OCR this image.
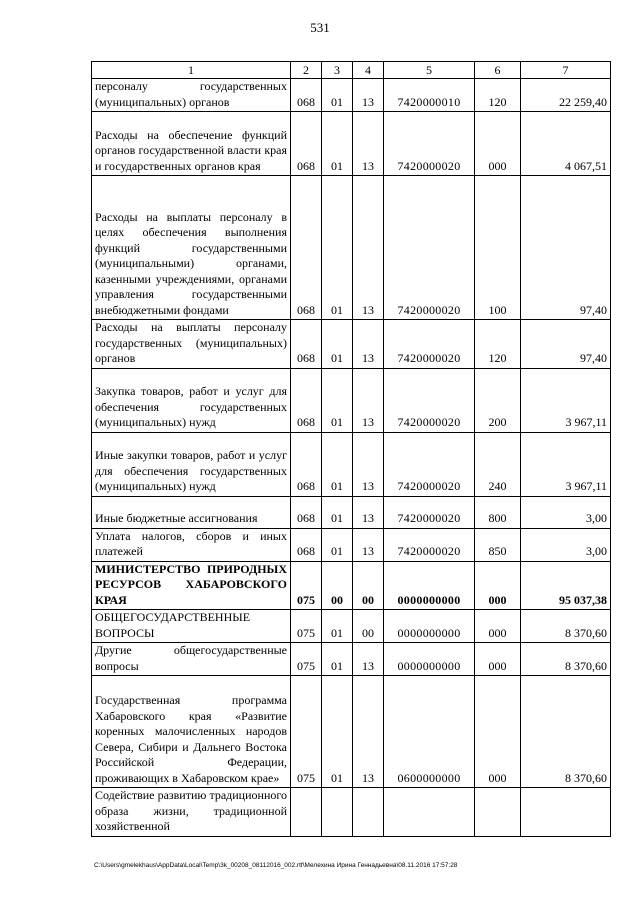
531
1	2	3	4	5	6	7
персоналу государственных (муниципальных) органов	068	01	13	7420000010	120	22 259,40
Расходы на обеспечение функций органов государственной власти края и государственных органов края	068	01	13	7420000020	000	4 067,51
Расходы на выплаты персоналу в целях обеспечения выполнения функций государственными (муниципальными) органами, казенными учреждениями, органами управления государственными внебюджетными фондами	068	01	13	7420000020	100	97,40
Расходы на выплаты персоналу государственных (муниципальных) органов	068	01	13	7420000020	120	97,40
Закупка товаров, работ и услуг для обеспечения государственных (муниципальных) нужд	068	01	13	7420000020	200	3 967,11
Иные закупки товаров, работ и услуг для обеспечения государственных (муниципальных) нужд	068	01	13	7420000020	240	3 967,11
Иные бюджетные ассигнования	068	01	13	7420000020	800	3,00
Уплата налогов, сборов и иных платежей	068	01	13	7420000020	850	3,00
МИНИСТЕРСТВО ПРИРОДНЫХ РЕСУРСОВ ХАБАРОВСКОГО КРАЯ	075	00	00	0000000000	000	95 037,38
ОБЩЕГОСУДАРСТВЕННЫЕ ВОПРОСЫ	075	01	00	0000000000	000	8 370,60
Другие общегосударственные вопросы	075	01	13	0000000000	000	8 370,60
Государственная программа Хабаровского края «Развитие коренных малочисленных народов Севера, Сибири и Дальнего Востока Российской Федерации, проживающих в Хабаровском крае»	075	01	13	0600000000	000	8 370,60
Содействие развитию традиционного образа жизни, традиционной хозяйственной						
C:\Users\gmelekhaus\AppData\Local\Temp\3k_00208_08112016_002.rtf\Мелехина Ирина Геннадьевна\08.11.2016 17:57:28
